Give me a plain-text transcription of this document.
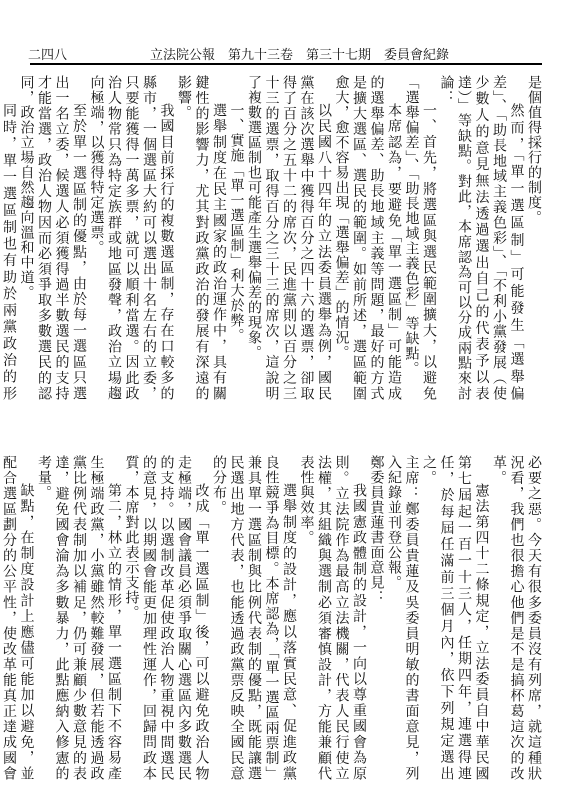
二四八	立法院公報　第九十三卷　第三十七期　委員會紀錄
是個值得採行的制度。
然而，「單一選區制」可能發生「選舉偏差」、「助長地域主義色彩」、「不利小黨發展（使少數人的意見無法透過選出自己的代表予以表達）」等缺點。對此，本席認為可以分成兩點來討論：
一、首先，將選區與選民範圍擴大，以避免「選舉偏差」、「助長地域主義色彩」等缺點。
本席認為，要避免「單一選區制」可能造成的選舉偏差、助長地域主義等問題，最好的方式是擴大選區、選民的範圍。如前所述，選區範圍愈大，愈不容易出現「選舉偏差」的情況。
以民國八十四年的立法委員選舉為例，國民黨在該次選舉中獲得百分之四十六的選票，卻取得了百分之五十二的席次，民進黨則以百分之三十三的選票，取得百分之三十三的席次，這說明了複數選區制也可能產生選舉偏差的現象。
一、實施「單一選區制」利大於弊。
選舉制度在民主國家的政治運作中，具有關鍵性的影響力，尤其對政黨政治的發展有深遠的影響。
我國目前採行的複數選區制，存在口較多的縣市，一個選區大約可以選出十名左右的立委，只要能獲得一萬多票，就可以順利當選。因此政治人物常只為特定族群或地區發聲，政治立場趨向極端，以獲得特定選票。
至於單一選區制的優點，由於每一選區只選出一名立委，候選人必須獲得過半數選民的支持才能當選，政治人物因而必須爭取多數選民的認同，政治立場自然趨向溫和中道。
同時，單一選區制也有助於兩黨政治的形
必要之惡。今天有很多委員沒有列席，就這種狀況看，我們也很擔心他們是不是搞杯葛這次的改革。
憲法第四十二條規定，立法委員自中華民國第七屆起一百一十三人，任期四年，連選得連任，於每屆任滿前三個月內，依下列規定選出之。
主席：鄭委員貴蓮及吳委員明敏的書面意見，列入紀錄並刊登公報。
鄭委員貴蓮書面意見：
我國憲政體制的設計，一向以尊重國會為原則。立法院作為最高立法機關，代表人民行使立法權，其組織與選制必須審慎設計，方能兼顧代表性與效率。
選舉制度的設計，應以落實民意、促進政黨良性競爭為目標。本席認為，「單一選區兩票制」兼具單一選區制與比例代表制的優點，既能讓選民選出地方代表，也能透過政黨票反映全國民意的分布。
改成「單一選區制」後，可以避免政治人物走極端，國會議員必須爭取關心選區內多數選民的支持。以選制改革促使政治人物重視中間選民的意見，以期國會能更加理性運作，回歸問政本質，本席對此表示支持。
第二，林立的情形，單一選區制下不容易產生極端政黨，小黨雖然較難發展，但若能透過政黨比例代表制加以補足，仍可兼顧少數意見的表達，避免國會淪為多數暴力，此點應納入修憲的考量。
缺點，在制度設計上應儘可能加以避免，並配合選區劃分的公平性，使改革能真正達成國會
